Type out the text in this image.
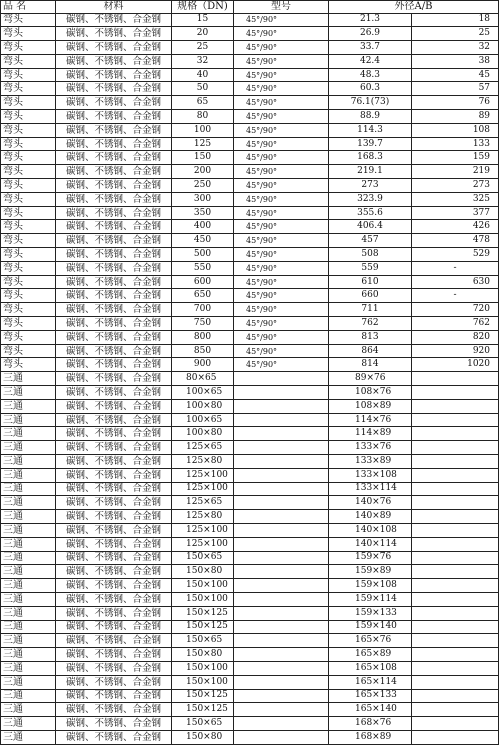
品 名	材料	规格（DN)	型号	外径A/B	
弯头	碳钢、不锈钢、合金钢	15	45°/90°	21.3	18
弯头	碳钢、不锈钢、合金钢	20	45°/90°	26.9	25
弯头	碳钢、不锈钢、合金钢	25	45°/90°	33.7	32
弯头	碳钢、不锈钢、合金钢	32	45°/90°	42.4	38
弯头	碳钢、不锈钢、合金钢	40	45°/90°	48.3	45
弯头	碳钢、不锈钢、合金钢	50	45°/90°	60.3	57
弯头	碳钢、不锈钢、合金钢	65	45°/90°	76.1(73)	76
弯头	碳钢、不锈钢、合金钢	80	45°/90°	88.9	89
弯头	碳钢、不锈钢、合金钢	100	45°/90°	114.3	108
弯头	碳钢、不锈钢、合金钢	125	45°/90°	139.7	133
弯头	碳钢、不锈钢、合金钢	150	45°/90°	168.3	159
弯头	碳钢、不锈钢、合金钢	200	45°/90°	219.1	219
弯头	碳钢、不锈钢、合金钢	250	45°/90°	273	273
弯头	碳钢、不锈钢、合金钢	300	45°/90°	323.9	325
弯头	碳钢、不锈钢、合金钢	350	45°/90°	355.6	377
弯头	碳钢、不锈钢、合金钢	400	45°/90°	406.4	426
弯头	碳钢、不锈钢、合金钢	450	45°/90°	457	478
弯头	碳钢、不锈钢、合金钢	500	45°/90°	508	529
弯头	碳钢、不锈钢、合金钢	550	45°/90°	559	-
弯头	碳钢、不锈钢、合金钢	600	45°/90°	610	630
弯头	碳钢、不锈钢、合金钢	650	45°/90°	660	-
弯头	碳钢、不锈钢、合金钢	700	45°/90°	711	720
弯头	碳钢、不锈钢、合金钢	750	45°/90°	762	762
弯头	碳钢、不锈钢、合金钢	800	45°/90°	813	820
弯头	碳钢、不锈钢、合金钢	850	45°/90°	864	920
弯头	碳钢、不锈钢、合金钢	900	45°/90°	814	1020
三通	碳钢、不锈钢、合金钢	80×65		89×76	
三通	碳钢、不锈钢、合金钢	100×65		108×76	
三通	碳钢、不锈钢、合金钢	100×80		108×89	
三通	碳钢、不锈钢、合金钢	100×65		114×76	
三通	碳钢、不锈钢、合金钢	100×80		114×89	
三通	碳钢、不锈钢、合金钢	125×65		133×76	
三通	碳钢、不锈钢、合金钢	125×80		133×89	
三通	碳钢、不锈钢、合金钢	125×100		133×108	
三通	碳钢、不锈钢、合金钢	125×100		133×114	
三通	碳钢、不锈钢、合金钢	125×65		140×76	
三通	碳钢、不锈钢、合金钢	125×80		140×89	
三通	碳钢、不锈钢、合金钢	125×100		140×108	
三通	碳钢、不锈钢、合金钢	125×100		140×114	
三通	碳钢、不锈钢、合金钢	150×65		159×76	
三通	碳钢、不锈钢、合金钢	150×80		159×89	
三通	碳钢、不锈钢、合金钢	150×100		159×108	
三通	碳钢、不锈钢、合金钢	150×100		159×114	
三通	碳钢、不锈钢、合金钢	150×125		159×133	
三通	碳钢、不锈钢、合金钢	150×125		159×140	
三通	碳钢、不锈钢、合金钢	150×65		165×76	
三通	碳钢、不锈钢、合金钢	150×80		165×89	
三通	碳钢、不锈钢、合金钢	150×100		165×108	
三通	碳钢、不锈钢、合金钢	150×100		165×114	
三通	碳钢、不锈钢、合金钢	150×125		165×133	
三通	碳钢、不锈钢、合金钢	150×125		165×140	
三通	碳钢、不锈钢、合金钢	150×65		168×76	
三通	碳钢、不锈钢、合金钢	150×80		168×89	
